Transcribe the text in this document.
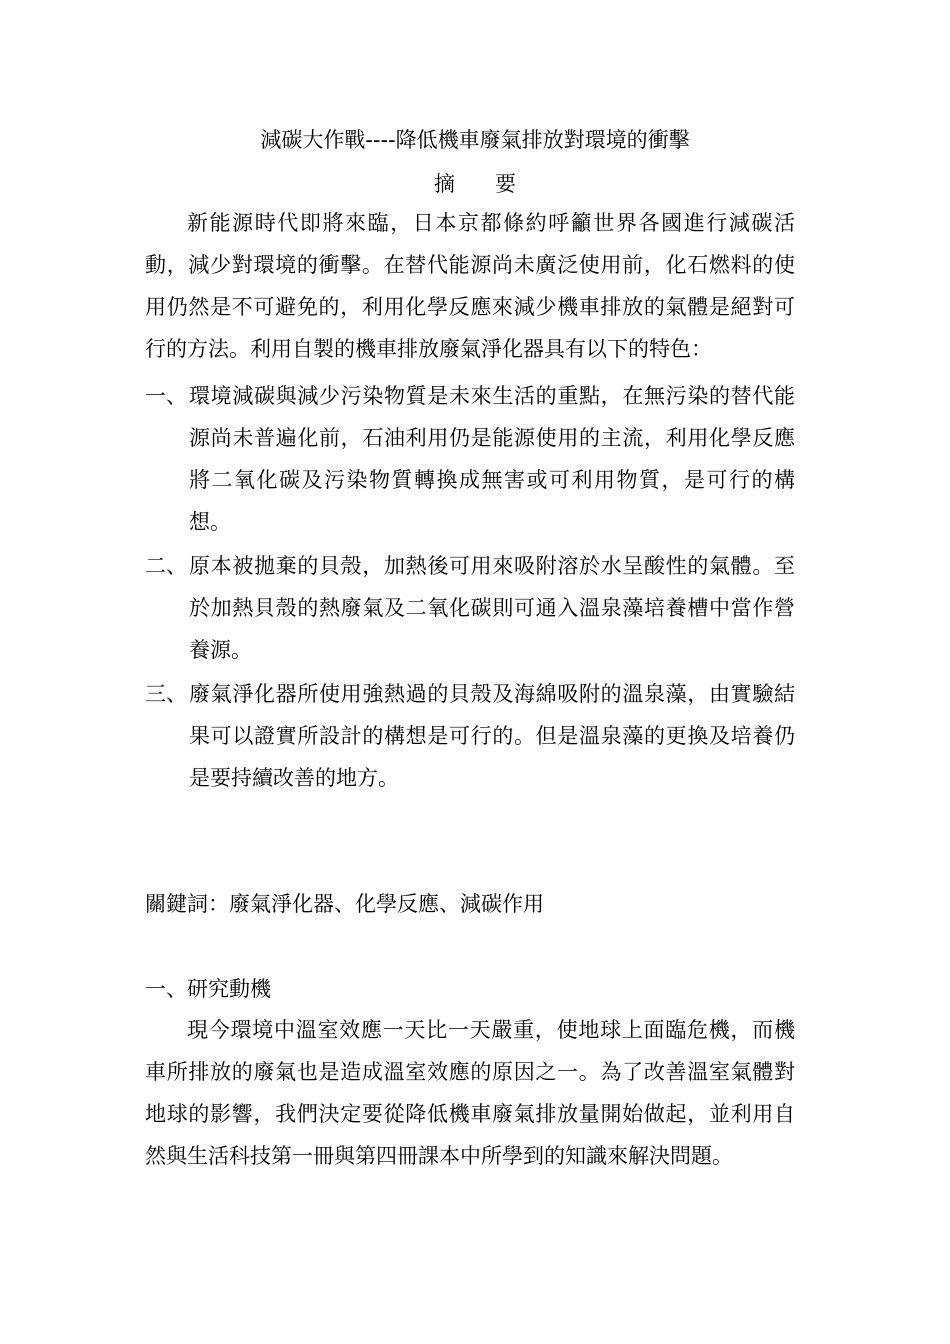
減碳大作戰----降低機車廢氣排放對環境的衝擊
摘要

新能源時代即將來臨，日本京都條約呼籲世界各國進行減碳活動，減少對環境的衝擊。在替代能源尚未廣泛使用前，化石燃料的使用仍然是不可避免的，利用化學反應來減少機車排放的氣體是絕對可行的方法。利用自製的機車排放廢氣淨化器具有以下的特色：

一、 環境減碳與減少污染物質是未來生活的重點，在無污染的替代能源尚未普遍化前，石油利用仍是能源使用的主流，利用化學反應將二氧化碳及污染物質轉換成無害或可利用物質，是可行的構想。
二、 原本被拋棄的貝殼，加熱後可用來吸附溶於水呈酸性的氣體。至於加熱貝殼的熱廢氣及二氧化碳則可通入溫泉藻培養槽中當作營養源。
三、 廢氣淨化器所使用強熱過的貝殼及海綿吸附的溫泉藻，由實驗結果可以證實所設計的構想是可行的。但是溫泉藻的更換及培養仍是要持續改善的地方。

關鍵詞：廢氣淨化器、化學反應、減碳作用

一、研究動機

現今環境中溫室效應一天比一天嚴重，使地球上面臨危機，而機車所排放的廢氣也是造成溫室效應的原因之一。為了改善溫室氣體對地球的影響，我們決定要從降低機車廢氣排放量開始做起，並利用自然與生活科技第一冊與第四冊課本中所學到的知識來解決問題。
